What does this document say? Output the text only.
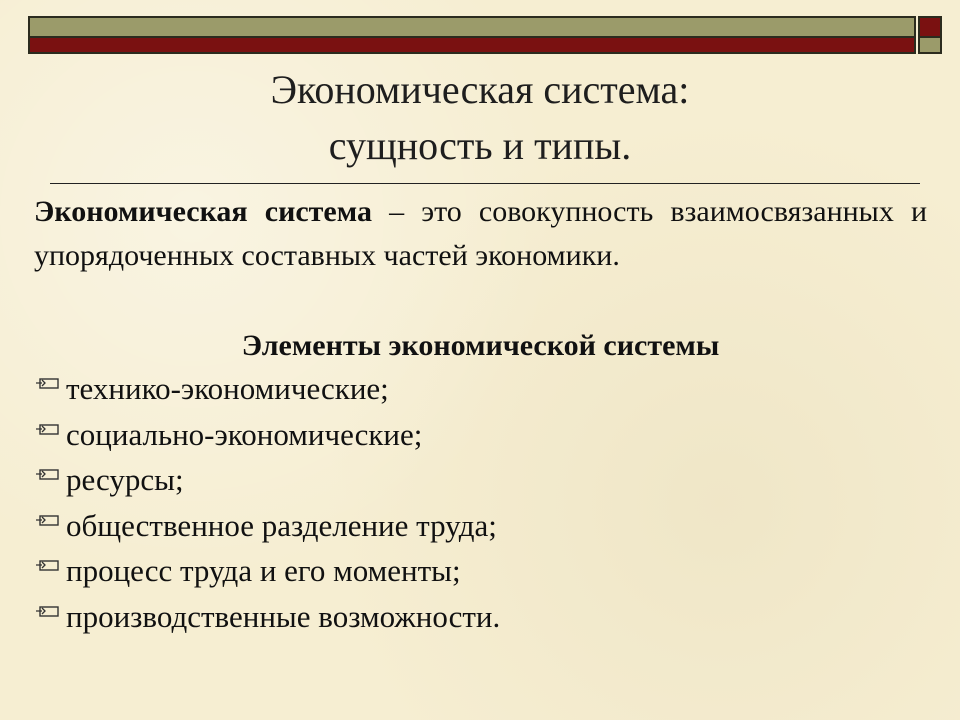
Экономическая система:
сущность и типы.
Экономическая система – это совокупность взаимосвязанных и упорядоченных составных частей экономики.
Элементы экономической системы
технико-экономические;
социально-экономические;
ресурсы;
общественное разделение труда;
процесс труда и его моменты;
производственные возможности.
